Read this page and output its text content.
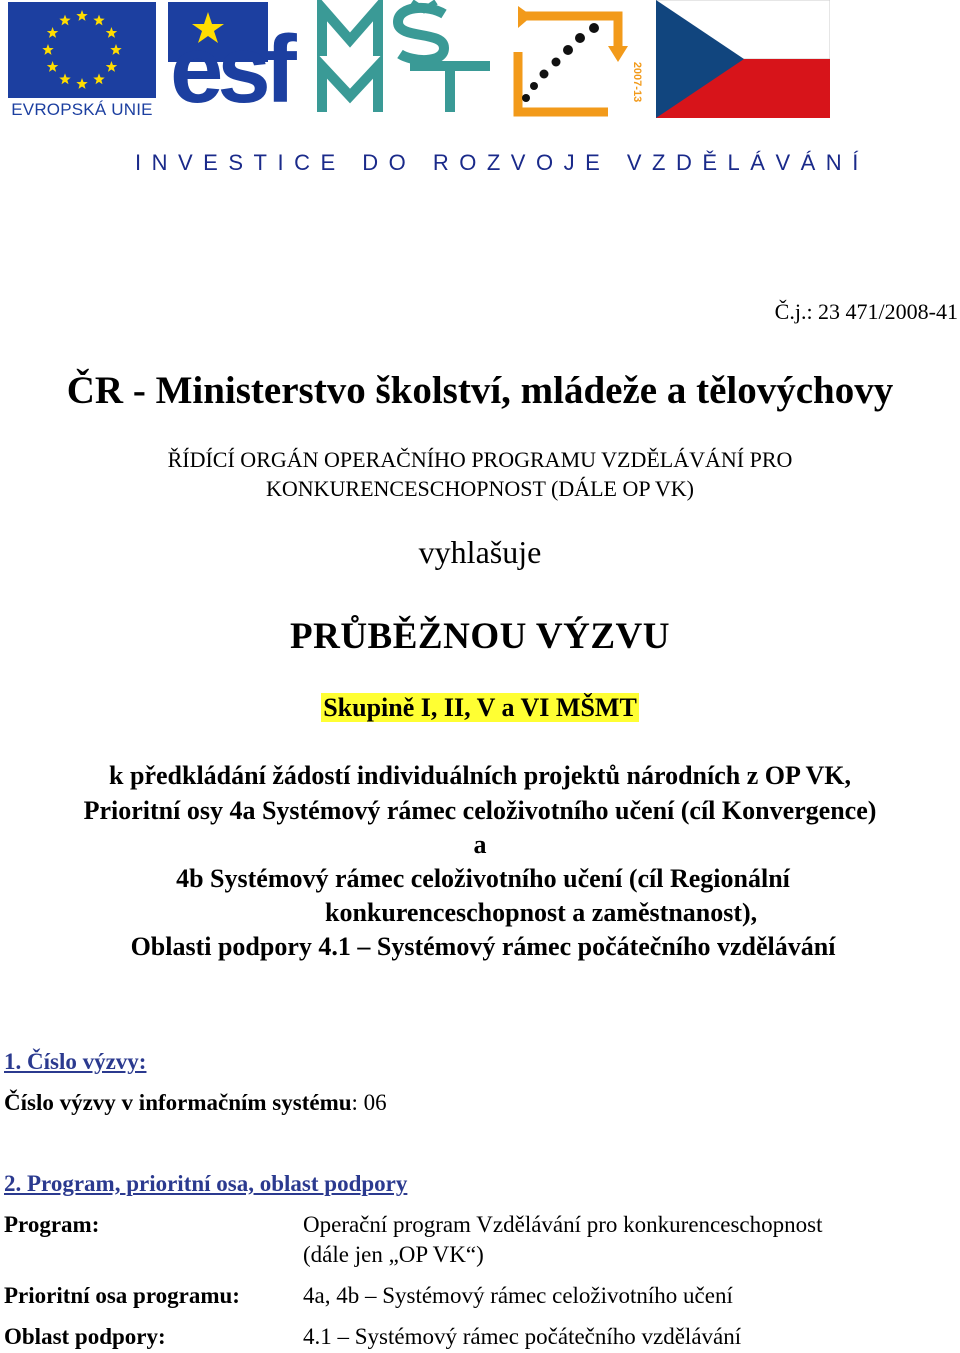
EVROPSKÁ UNIE esf	2007-13
INVESTICE DO ROZVOJE VZDĚLÁVÁNÍ
Č.j.: 23 471/2008-41
ČR - Ministerstvo školství, mládeže a tělovýchovy
ŘÍDÍCÍ ORGÁN OPERAČNÍHO PROGRAMU VZDĚLÁVÁNÍ PRO
KONKURENCESCHOPNOST (DÁLE OP VK)
vyhlašuje
PRŮBĚŽNOU VÝZVU
Skupině I, II, V a VI MŠMT
k předkládání žádostí individuálních projektů národních z OP VK,
Prioritní osy 4a Systémový rámec celoživotního učení (cíl Konvergence)
a
4b Systémový rámec celoživotního učení (cíl Regionální
konkurenceschopnost a zaměstnanost),
Oblasti podpory 4.1 – Systémový rámec počátečního vzdělávání
1. Číslo výzvy:
Číslo výzvy v informačním systému: 06
2. Program, prioritní osa, oblast podpory
Program:	Operační program Vzdělávání pro konkurenceschopnost
(dále jen „OP VK“)
Prioritní osa programu:	4a, 4b – Systémový rámec celoživotního učení
Oblast podpory:	4.1 – Systémový rámec počátečního vzdělávání
